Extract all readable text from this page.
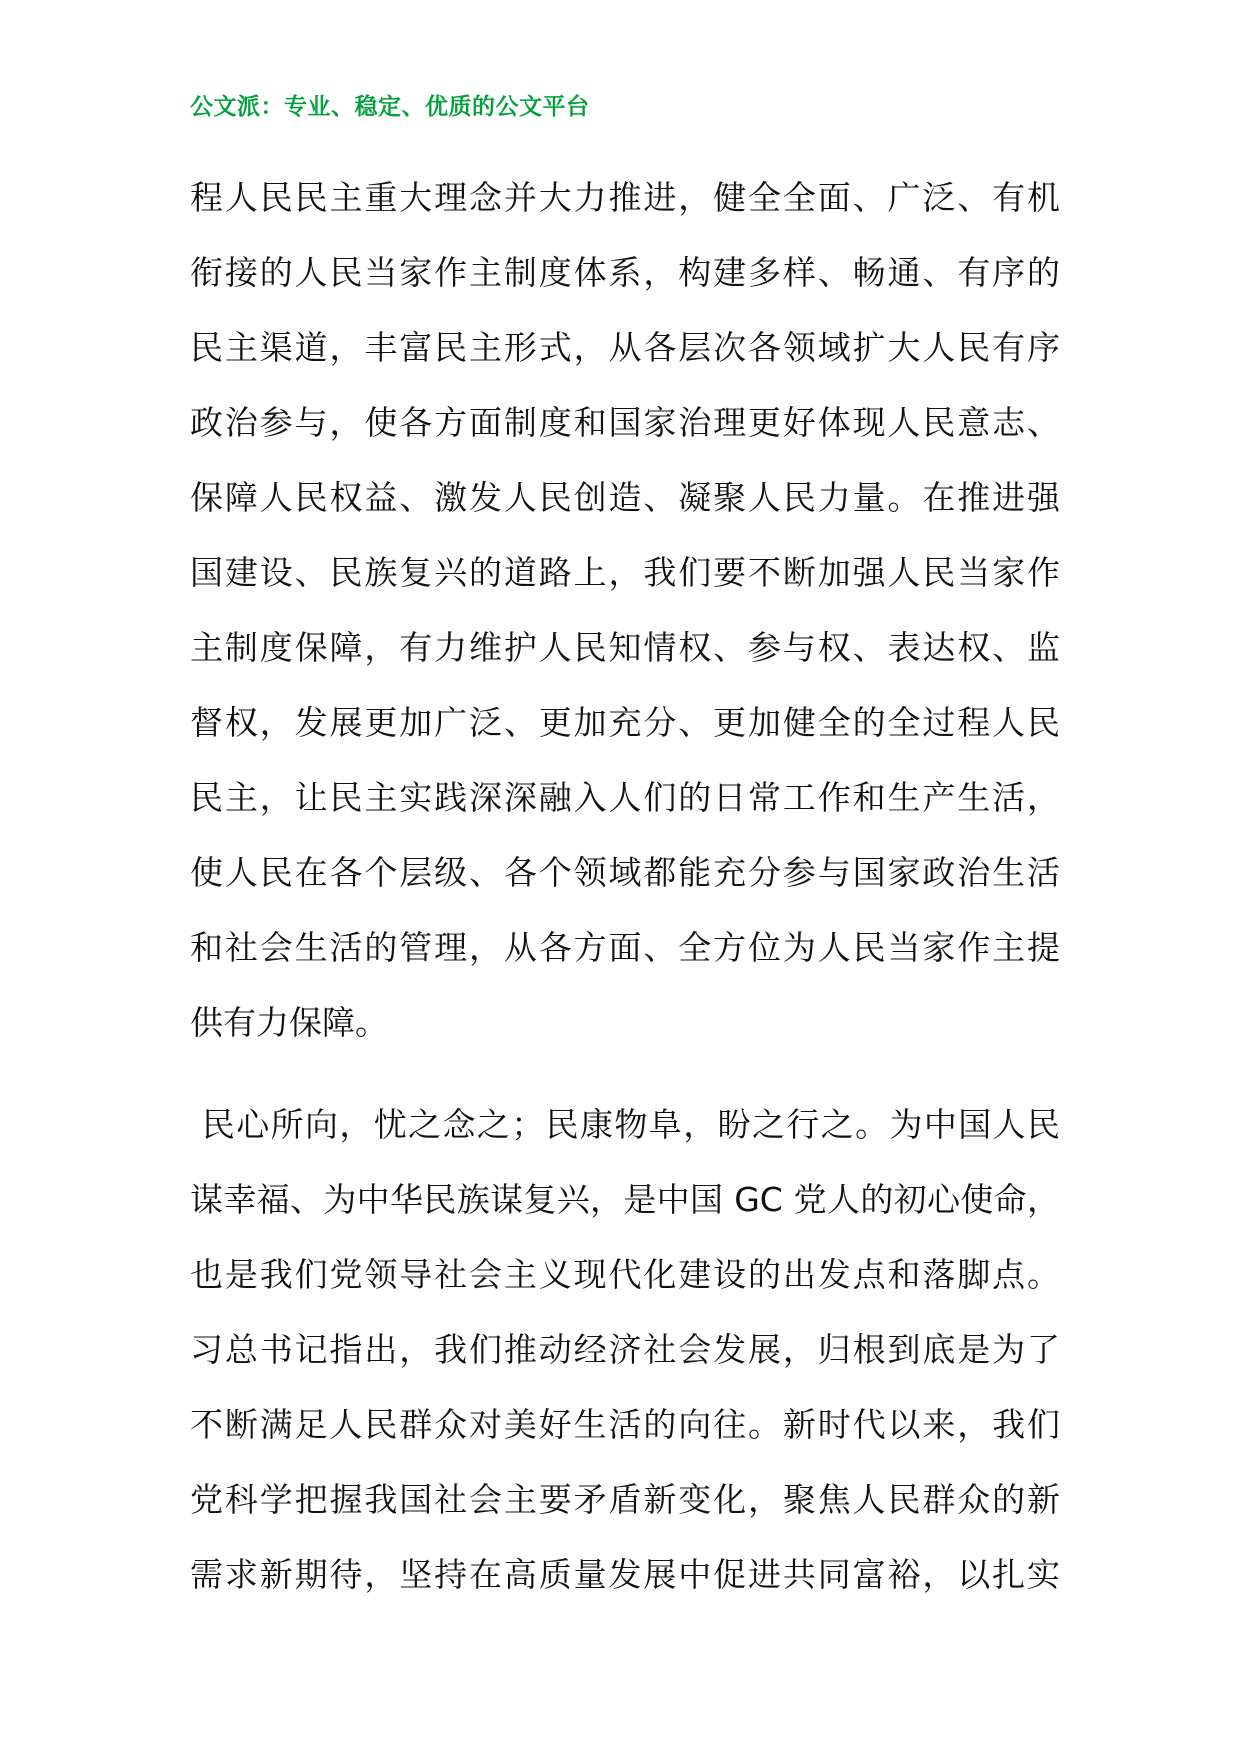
公文派：专业、稳定、优质的公文平台
程人民民主重大理念并大力推进，健全全面、广泛、有机
衔接的人民当家作主制度体系，构建多样、畅通、有序的
民主渠道，丰富民主形式，从各层次各领域扩大人民有序
政治参与，使各方面制度和国家治理更好体现人民意志、
保障人民权益、激发人民创造、凝聚人民力量。在推进强
国建设、民族复兴的道路上，我们要不断加强人民当家作
主制度保障，有力维护人民知情权、参与权、表达权、监
督权，发展更加广泛、更加充分、更加健全的全过程人民
民主，让民主实践深深融入人们的日常工作和生产生活，
使人民在各个层级、各个领域都能充分参与国家政治生活
和社会生活的管理，从各方面、全方位为人民当家作主提
供有力保障。
民心所向，忧之念之；民康物阜，盼之行之。为中国人民
谋幸福、为中华民族谋复兴，是中国 GC 党人的初心使命，
也是我们党领导社会主义现代化建设的出发点和落脚点。
习总书记指出，我们推动经济社会发展，归根到底是为了
不断满足人民群众对美好生活的向往。新时代以来，我们
党科学把握我国社会主要矛盾新变化，聚焦人民群众的新
需求新期待，坚持在高质量发展中促进共同富裕，以扎实
